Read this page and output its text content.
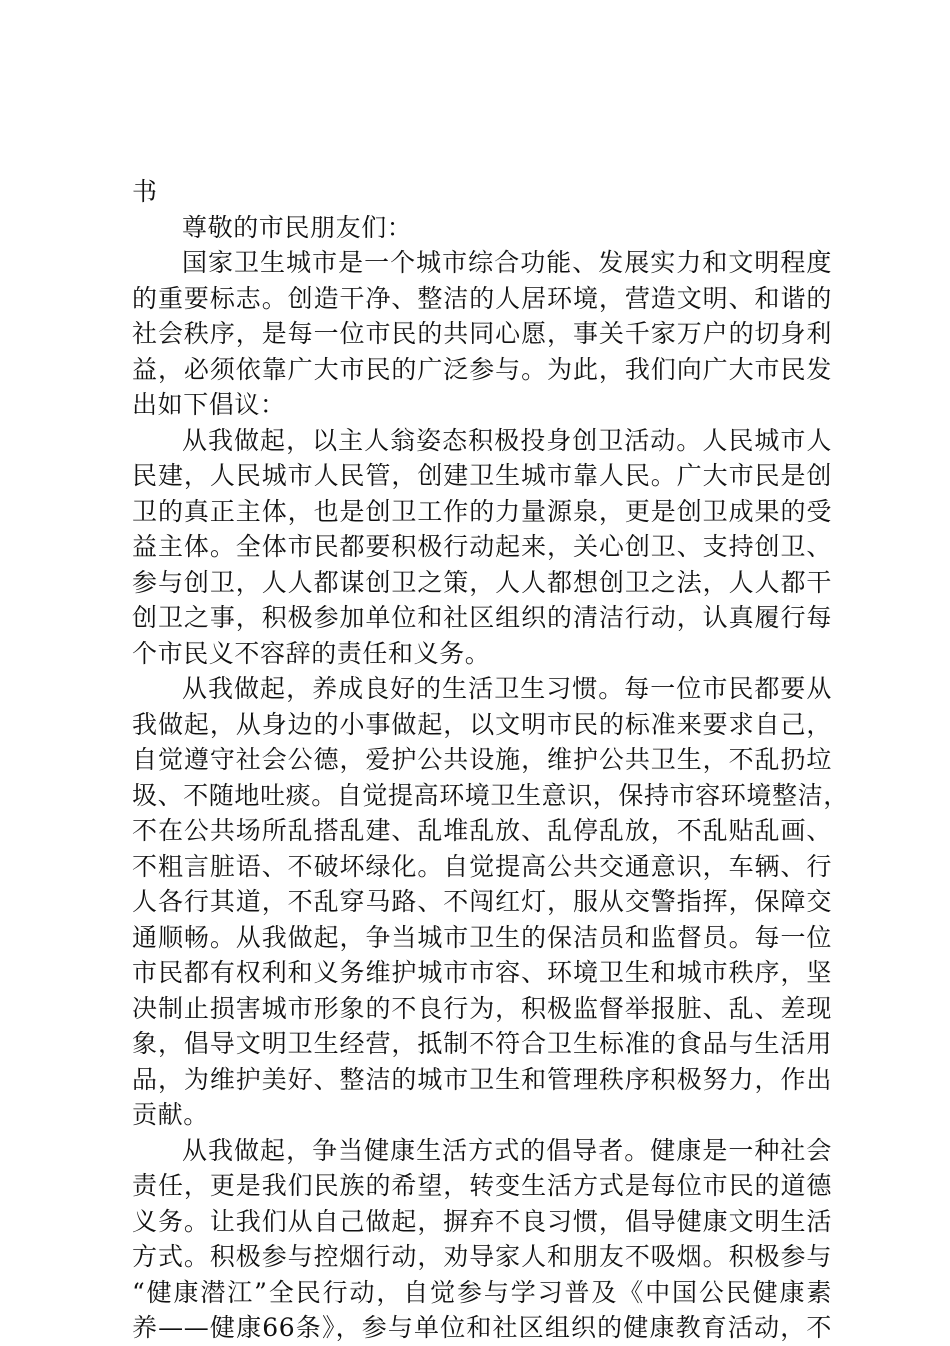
书
尊敬的市民朋友们：
国家卫生城市是一个城市综合功能、发展实力和文明程度
的重要标志。创造干净、整洁的人居环境，营造文明、和谐的
社会秩序，是每一位市民的共同心愿，事关千家万户的切身利
益，必须依靠广大市民的广泛参与。为此，我们向广大市民发
出如下倡议：
从我做起，以主人翁姿态积极投身创卫活动。人民城市人
民建，人民城市人民管，创建卫生城市靠人民。广大市民是创
卫的真正主体，也是创卫工作的力量源泉，更是创卫成果的受
益主体。全体市民都要积极行动起来，关心创卫、支持创卫、
参与创卫，人人都谋创卫之策，人人都想创卫之法，人人都干
创卫之事，积极参加单位和社区组织的清洁行动，认真履行每
个市民义不容辞的责任和义务。
从我做起，养成良好的生活卫生习惯。每一位市民都要从
我做起，从身边的小事做起，以文明市民的标准来要求自己，
自觉遵守社会公德，爱护公共设施，维护公共卫生，不乱扔垃
圾、不随地吐痰。自觉提高环境卫生意识，保持市容环境整洁，
不在公共场所乱搭乱建、乱堆乱放、乱停乱放，不乱贴乱画、
不粗言脏语、不破坏绿化。自觉提高公共交通意识，车辆、行
人各行其道，不乱穿马路、不闯红灯，服从交警指挥，保障交
通顺畅。从我做起，争当城市卫生的保洁员和监督员。每一位
市民都有权利和义务维护城市市容、环境卫生和城市秩序，坚
决制止损害城市形象的不良行为，积极监督举报脏、乱、差现
象，倡导文明卫生经营，抵制不符合卫生标准的食品与生活用
品，为维护美好、整洁的城市卫生和管理秩序积极努力，作出
贡献。
从我做起，争当健康生活方式的倡导者。健康是一种社会
责任，更是我们民族的希望，转变生活方式是每位市民的道德
义务。让我们从自己做起，摒弃不良习惯，倡导健康文明生活
方式。积极参与控烟行动，劝导家人和朋友不吸烟。积极参与
“健康潜江”全民行动，自觉参与学习普及《中国公民健康素
养——健康66条》，参与单位和社区组织的健康教育活动，不
